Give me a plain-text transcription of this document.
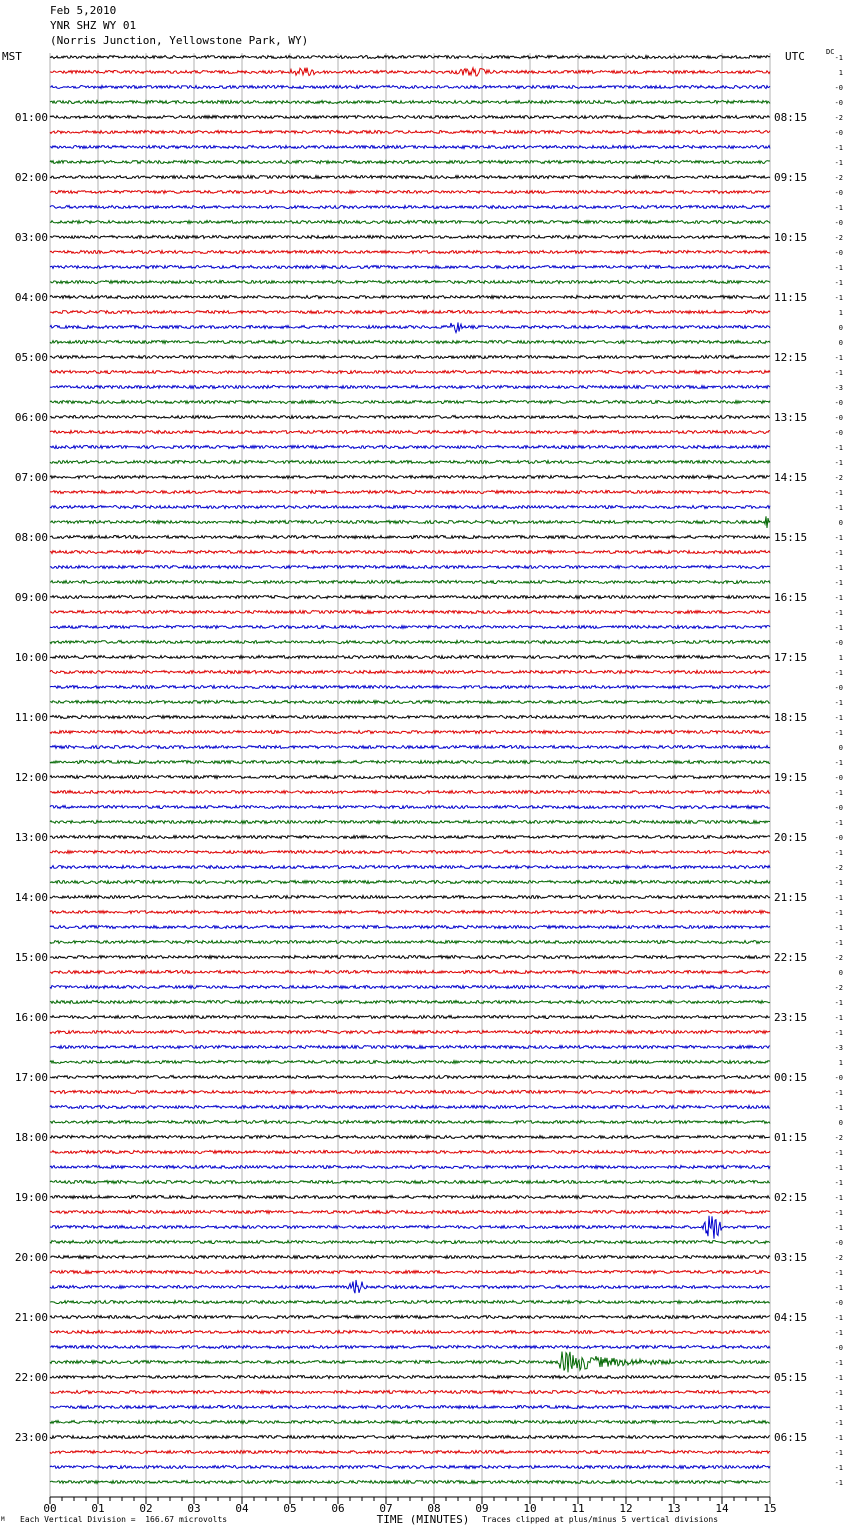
Feb 5,2010
YNR SHZ WY 01
(Norris Junction, Yellowstone Park, WY)
MST	UTC	DC
00	01	02	03	04	05	06	07	08	09	10	11	12	13	14	15
-1
1
-0
-0
-2
01:00	08:15
-0
-1
-1
-2
02:00	09:15
-0
-1
-0
-2
03:00	10:15
-0
-1
-1
-1
04:00	11:15
1
0
0
-1
05:00	12:15
-1
-3
-0
-0
06:00	13:15
-0
-1
-1
-2
07:00	14:15
-1
-1
0
-1
08:00	15:15
-1
-1
-1
-1
09:00	16:15
-1
-1
-0
1
10:00	17:15
-1
-0
-1
-1
11:00	18:15
-1
0
-1
-0
12:00	19:15
-1
-0
-1
-0
13:00	20:15
-1
-2
-1
-1
14:00	21:15
-1
-1
-1
-2
15:00	22:15
0
-2
-1
-1
16:00	23:15
-1
-3
1
-0
17:00	00:15
-1
-1
0
-2
18:00	01:15
-1
-1
-1
-1
19:00	02:15
-1
-1
-0
-2
20:00	03:15
-1
-1
-0
-1
21:00	04:15
-1
-0
-1
-1
22:00	05:15
-1
-1
-1
-1
23:00	06:15
-1
-1
-1
TIME (MINUTES)
M Each Vertical Division =  166.67 microvolts	Traces clipped at plus/minus 5 vertical divisions
